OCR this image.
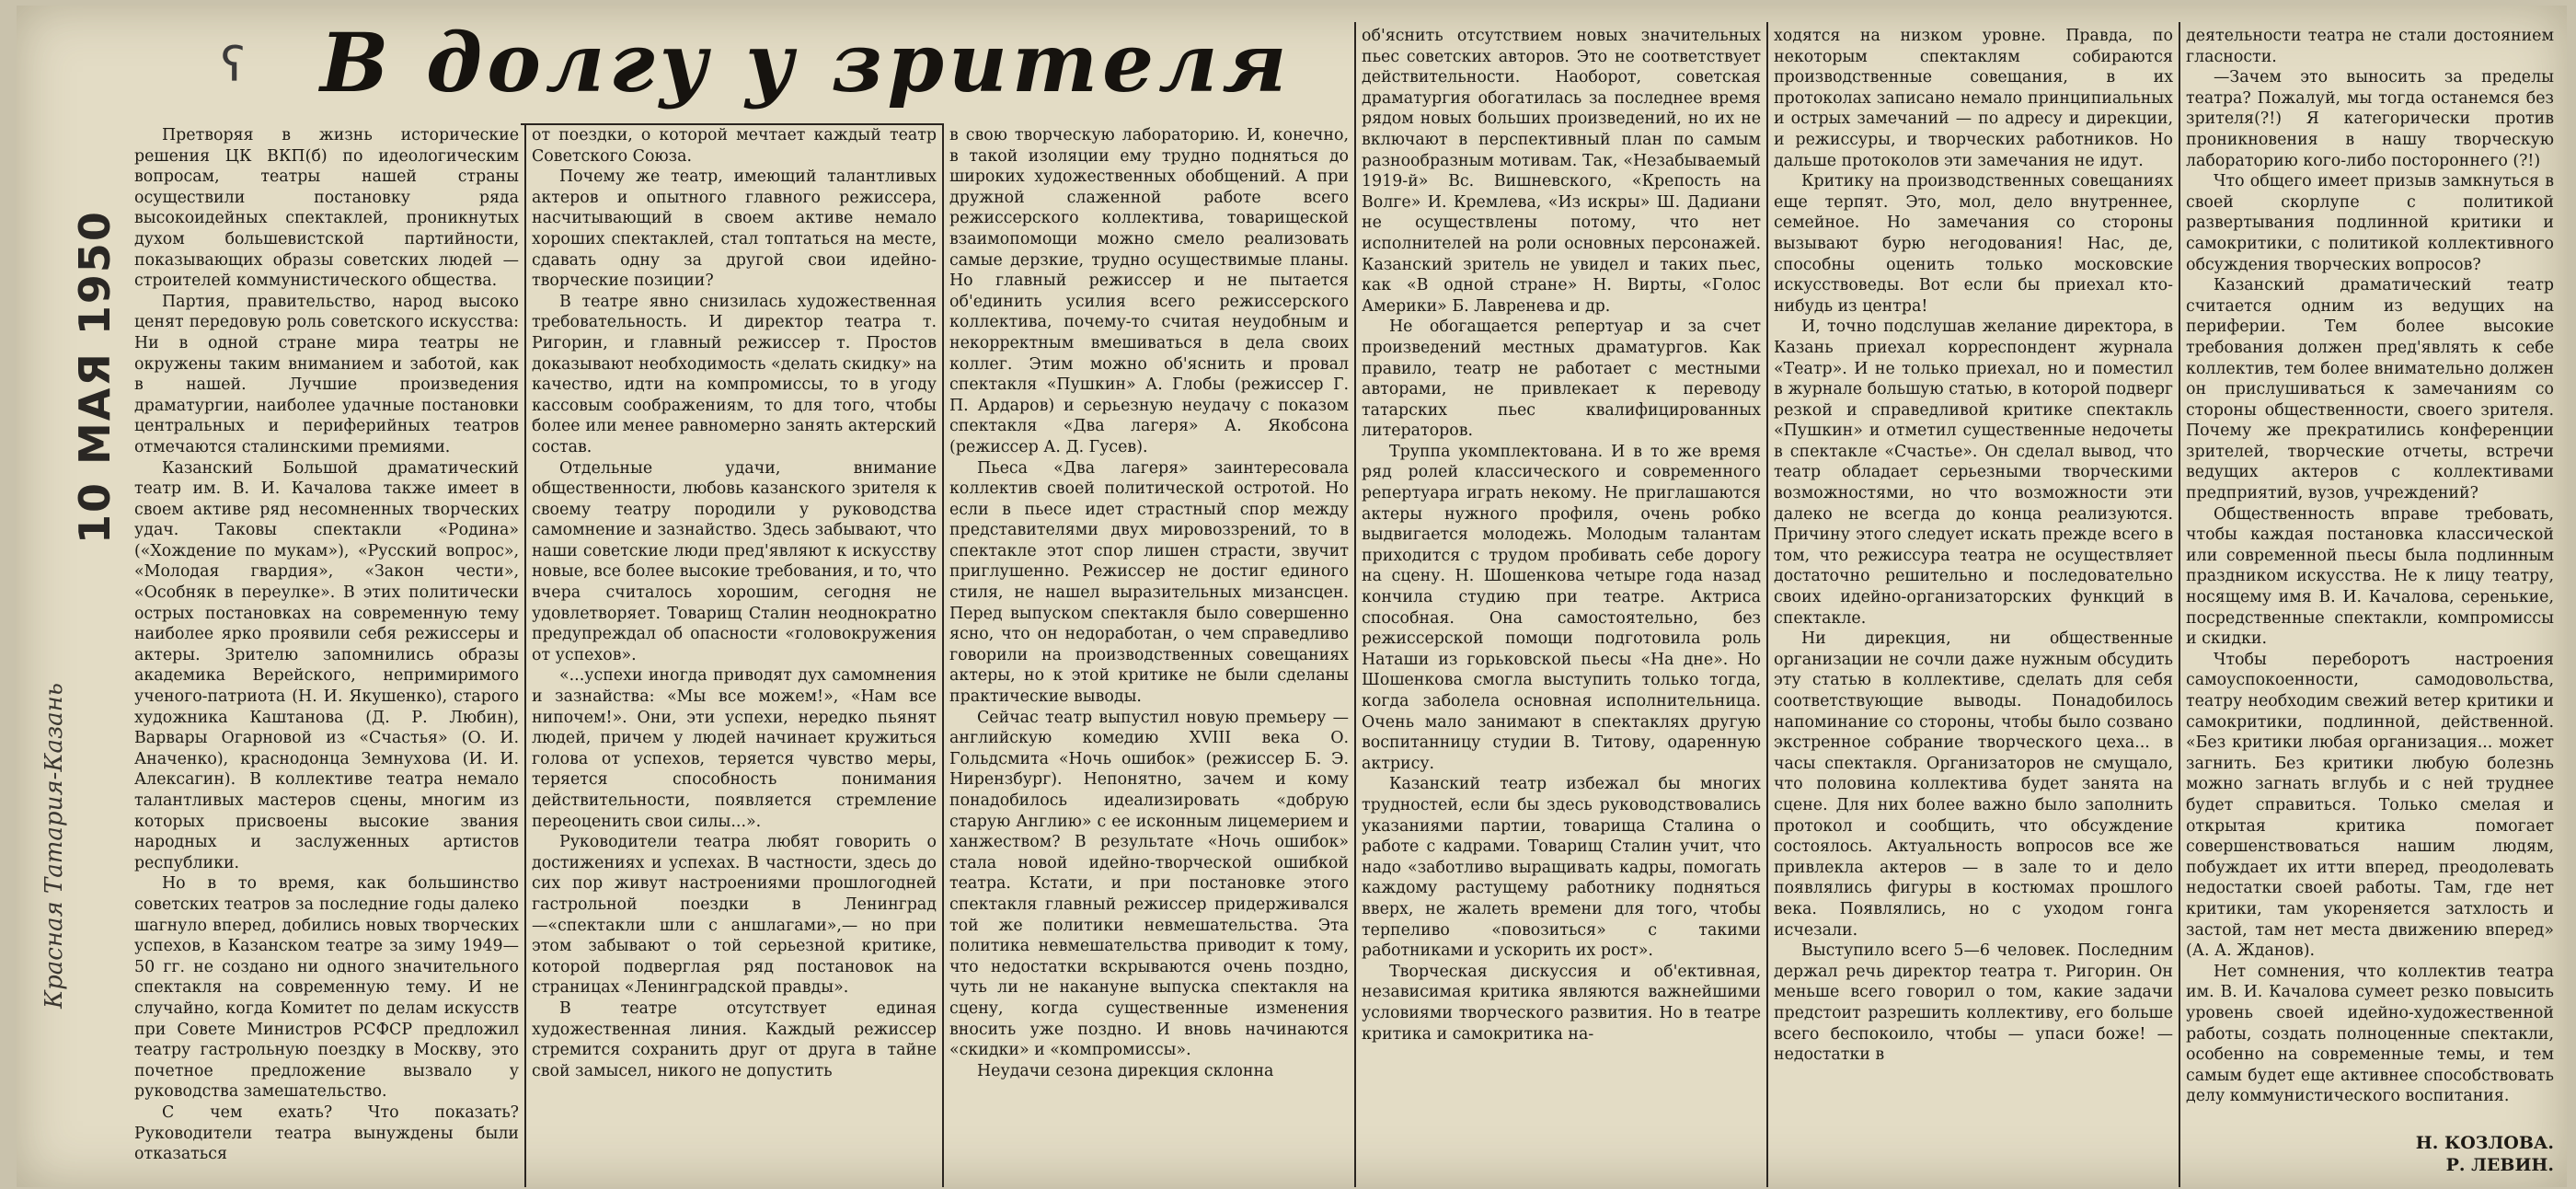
10 МАЯ 1950
Красная Татария-Казань
ʕ В долгу у зрителя

Претворяя в жизнь исторические решения ЦК ВКП(б) по идеологическим вопросам, театры нашей страны осуществили постановку ряда высокоидейных спектаклей, проникнутых духом большевистской партийности, показывающих образы советских людей — строителей коммунистического общества.

Партия, правительство, народ высоко ценят передовую роль советского искусства: Ни в одной стране мира театры не окружены таким вниманием и заботой, как в нашей. Лучшие произведения драматургии, наиболее удачные постановки центральных и периферийных театров отмечаются сталинскими премиями.

Казанский Большой драматический театр им. В. И. Качалова также имеет в своем активе ряд несомненных творческих удач. Таковы спектакли «Родина» («Хождение по мукам»), «Русский вопрос», «Молодая гвардия», «Закон чести», «Особняк в переулке». В этих политически острых постановках на современную тему наиболее ярко проявили себя режиссеры и актеры. Зрителю запомнились образы академика Верейского, непримиримого ученого-патриота (Н. И. Якушенко), старого художника Каштанова (Д. Р. Любин), Варвары Огарновой из «Счастья» (О. И. Аначенко), краснодонца Земнухова (И. И. Алексагин). В коллективе театра немало талантливых мастеров сцены, многим из которых присвоены высокие звания народных и заслуженных артистов республики.

Но в то время, как большинство советских театров за последние годы далеко шагнуло вперед, добились новых творческих успехов, в Казанском театре за зиму 1949—50 гг. не создано ни одного значительного спектакля на современную тему. И не случайно, когда Комитет по делам искусств при Совете Министров РСФСР предложил театру гастрольную поездку в Москву, это почетное предложение вызвало у руководства замешательство.

С чем ехать? Что показать? Руководители театра вынуждены были отказаться

от поездки, о которой мечтает каждый театр Советского Союза.

Почему же театр, имеющий талантливых актеров и опытного главного режиссера, насчитывающий в своем активе немало хороших спектаклей, стал топтаться на месте, сдавать одну за другой свои идейно-творческие позиции?

В театре явно снизилась художественная требовательность. И директор театра т. Ригорин, и главный режиссер т. Простов доказывают необходимость «делать скидку» на качество, идти на компромиссы, то в угоду кассовым соображениям, то для того, чтобы более или менее равномерно занять актерский состав.

Отдельные удачи, внимание общественности, любовь казанского зрителя к своему театру породили у руководства самомнение и зазнайство. Здесь забывают, что наши советские люди пред'являют к искусству новые, все более высокие требования, и то, что вчера считалось хорошим, сегодня не удовлетворяет. Товарищ Сталин неоднократно предупреждал об опасности «головокружения от успехов».

«...успехи иногда приводят дух самомнения и зазнайства: «Мы все можем!», «Нам все нипочем!». Они, эти успехи, нередко пьянят людей, причем у людей начинает кружиться голова от успехов, теряется чувство меры, теряется способность понимания действительности, появляется стремление переоценить свои силы...».

Руководители театра любят говорить о достижениях и успехах. В частности, здесь до сих пор живут настроениями прошлогодней гастрольной поездки в Ленинград—«спектакли шли с аншлагами»,— но при этом забывают о той серьезной критике, которой подверглая ряд постановок на страницах «Ленинградской правды».

В театре отсутствует единая художественная линия. Каждый режиссер стремится сохранить друг от друга в тайне свой замысел, никого не допустить

в свою творческую лабораторию. И, конечно, в такой изоляции ему трудно подняться до широких художественных обобщений. А при дружной слаженной работе всего режиссерского коллектива, товарищеской взаимопомощи можно смело реализовать самые дерзкие, трудно осуществимые планы. Но главный режиссер и не пытается об'единить усилия всего режиссерского коллектива, почему-то считая неудобным и некорректным вмешиваться в дела своих коллег. Этим можно об'яснить и провал спектакля «Пушкин» А. Глобы (режиссер Г. П. Ардаров) и серьезную неудачу с показом спектакля «Два лагеря» А. Якобсона (режиссер А. Д. Гусев).

Пьеса «Два лагеря» заинтересовала коллектив своей политической остротой. Но если в пьесе идет страстный спор между представителями двух мировоззрений, то в спектакле этот спор лишен страсти, звучит приглушенно. Режиссер не достиг единого стиля, не нашел выразительных мизансцен. Перед выпуском спектакля было совершенно ясно, что он недоработан, о чем справедливо говорили на производственных совещаниях актеры, но к этой критике не были сделаны практические выводы.

Сейчас театр выпустил новую премьеру — английскую комедию XVIII века О. Гольдсмита «Ночь ошибок» (режиссер Б. Э. Нирензбург). Непонятно, зачем и кому понадобилось идеализировать «добрую старую Англию» с ее исконным лицемерием и ханжеством? В результате «Ночь ошибок» стала новой идейно-творческой ошибкой театра. Кстати, и при постановке этого спектакля главный режиссер придерживался той же политики невмешательства. Эта политика невмешательства приводит к тому, что недостатки вскрываются очень поздно, чуть ли не накануне выпуска спектакля на сцену, когда существенные изменения вносить уже поздно. И вновь начинаются «скидки» и «компромиссы».

Неудачи сезона дирекция склонна

об'яснить отсутствием новых значительных пьес советских авторов. Это не соответствует действительности. Наоборот, советская драматургия обогатилась за последнее время рядом новых больших произведений, но их не включают в перспективный план по самым разнообразным мотивам. Так, «Незабываемый 1919-й» Вс. Вишневского, «Крепость на Волге» И. Кремлева, «Из искры» Ш. Дадиани не осуществлены потому, что нет исполнителей на роли основных персонажей. Казанский зритель не увидел и таких пьес, как «В одной стране» Н. Вирты, «Голос Америки» Б. Лавренева и др.

Не обогащается репертуар и за счет произведений местных драматургов. Как правило, театр не работает с местными авторами, не привлекает к переводу татарских пьес квалифицированных литераторов.

Труппа укомплектована. И в то же время ряд ролей классического и современного репертуара играть некому. Не приглашаются актеры нужного профиля, очень робко выдвигается молодежь. Молодым талантам приходится с трудом пробивать себе дорогу на сцену. Н. Шошенкова четыре года назад кончила студию при театре. Актриса способная. Она самостоятельно, без режиссерской помощи подготовила роль Наташи из горьковской пьесы «На дне». Но Шошенкова смогла выступить только тогда, когда заболела основная исполнительница. Очень мало занимают в спектаклях другую воспитанницу студии В. Титову, одаренную актрису.

Казанский театр избежал бы многих трудностей, если бы здесь руководствовались указаниями партии, товарища Сталина о работе с кадрами. Товарищ Сталин учит, что надо «заботливо выращивать кадры, помогать каждому растущему работнику подняться вверх, не жалеть времени для того, чтобы терпеливо «повозиться» с такими работниками и ускорить их рост».

Творческая дискуссия и об'ективная, независимая критика являются важнейшими условиями творческого развития. Но в театре критика и самокритика на-

ходятся на низком уровне. Правда, по некоторым спектаклям собираются производственные совещания, в их протоколах записано немало принципиальных и острых замечаний — по адресу и дирекции, и режиссуры, и творческих работников. Но дальше протоколов эти замечания не идут.

Критику на производственных совещаниях еще терпят. Это, мол, дело внутреннее, семейное. Но замечания со стороны вызывают бурю негодования! Нас, де, способны оценить только московские искусствоведы. Вот если бы приехал кто-нибудь из центра!

И, точно подслушав желание директора, в Казань приехал корреспондент журнала «Театр». И не только приехал, но и поместил в журнале большую статью, в которой подверг резкой и справедливой критике спектакль «Пушкин» и отметил существенные недочеты в спектакле «Счастье». Он сделал вывод, что театр обладает серьезными творческими возможностями, но что возможности эти далеко не всегда до конца реализуются. Причину этого следует искать прежде всего в том, что режиссура театра не осуществляет достаточно решительно и последовательно своих идейно-организаторских функций в спектакле.

Ни дирекция, ни общественные организации не сочли даже нужным обсудить эту статью в коллективе, сделать для себя соответствующие выводы. Понадобилось напоминание со стороны, чтобы было созвано экстренное собрание творческого цеха... в часы спектакля. Организаторов не смущало, что половина коллектива будет занята на сцене. Для них более важно было заполнить протокол и сообщить, что обсуждение состоялось. Актуальность вопросов все же привлекла актеров — в зале то и дело появлялись фигуры в костюмах прошлого века. Появлялись, но с уходом гонга исчезали.

Выступило всего 5—6 человек. Последним держал речь директор театра т. Ригорин. Он меньше всего говорил о том, какие задачи предстоит разрешить коллективу, его больше всего беспокоило, чтобы — упаси боже! — недостатки в

деятельности театра не стали достоянием гласности.

—Зачем это выносить за пределы театра? Пожалуй, мы тогда останемся без зрителя(?!) Я категорически против проникновения в нашу творческую лабораторию кого-либо постороннего (?!)

Что общего имеет призыв замкнуться в своей скорлупе с политикой развертывания подлинной критики и самокритики, с политикой коллективного обсуждения творческих вопросов?

Казанский драматический театр считается одним из ведущих на периферии. Тем более высокие требования должен пред'являть к себе коллектив, тем более внимательно должен он прислушиваться к замечаниям со стороны общественности, своего зрителя. Почему же прекратились конференции зрителей, творческие отчеты, встречи ведущих актеров с коллективами предприятий, вузов, учреждений?

Общественность вправе требовать, чтобы каждая постановка классической или современной пьесы была подлинным праздником искусства. Не к лицу театру, носящему имя В. И. Качалова, серенькие, посредственные спектакли, компромиссы и скидки.

Чтобы переборотъ настроения самоуспокоенности, самодовольства, театру необходим свежий ветер критики и самокритики, подлинной, действенной. «Без критики любая организация... может загнить. Без критики любую болезнь можно загнать вглубь и с ней труднее будет справиться. Только смелая и открытая критика помогает совершенствоваться нашим людям, побуждает их итти вперед, преодолевать недостатки своей работы. Там, где нет критики, там укореняется затхлость и застой, там нет места движению вперед» (А. А. Жданов).

Нет сомнения, что коллектив театра им. В. И. Качалова сумеет резко повысить уровень своей идейно-художественной работы, создать полноценные спектакли, особенно на современные темы, и тем самым будет еще активнее способствовать делу коммунистического воспитания.

Н. КОЗЛОВА.
Р. ЛЕВИН.
